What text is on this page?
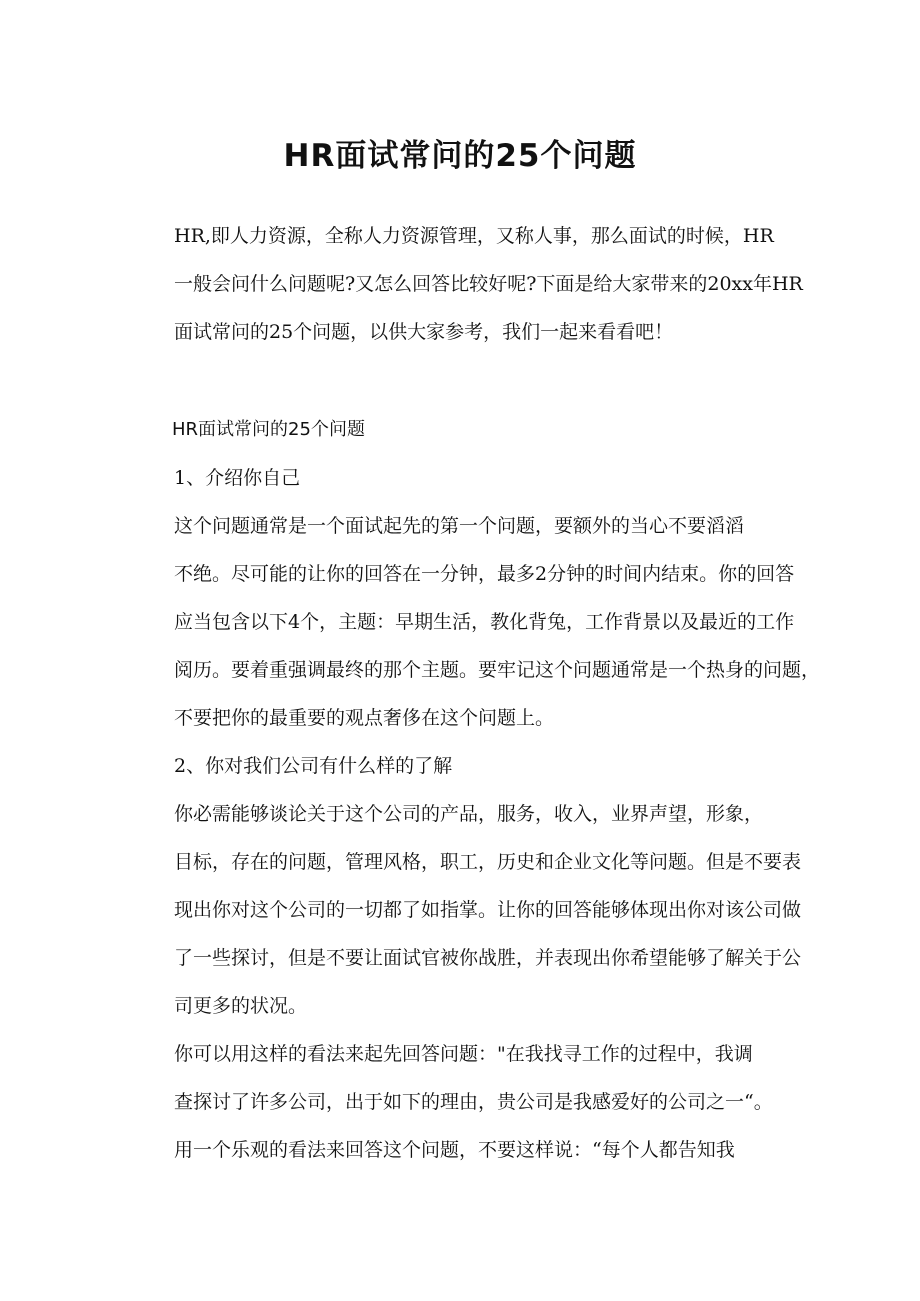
HR面试常问的25个问题

HR,即人力资源，全称人力资源管理，又称人事，那么面试的时候，HR
一般会问什么问题呢?又怎么回答比较好呢?下面是给大家带来的20xx年HR
面试常问的25个问题，以供大家参考，我们一起来看看吧！

HR面试常问的25个问题

1、介绍你自己

这个问题通常是一个面试起先的第一个问题，要额外的当心不要滔滔
不绝。尽可能的让你的回答在一分钟，最多2分钟的时间内结束。你的回答
应当包含以下4个，主题：早期生活，教化背兔，工作背景以及最近的工作
阅历。要着重强调最终的那个主题。要牢记这个问题通常是一个热身的问题，
不要把你的最重要的观点奢侈在这个问题上。

2、你对我们公司有什么样的了解

你必需能够谈论关于这个公司的产品，服务，收入，业界声望，形象，
目标，存在的问题，管理风格，职工，历史和企业文化等问题。但是不要表
现出你对这个公司的一切都了如指掌。让你的回答能够体现出你对该公司做
了一些探讨，但是不要让面试官被你战胜，并表现出你希望能够了解关于公
司更多的状况。

你可以用这样的看法来起先回答问题："在我找寻工作的过程中，我调
查探讨了许多公司，出于如下的理由，贵公司是我感爱好的公司之一“。

用一个乐观的看法来回答这个问题，不要这样说：“每个人都告知我
